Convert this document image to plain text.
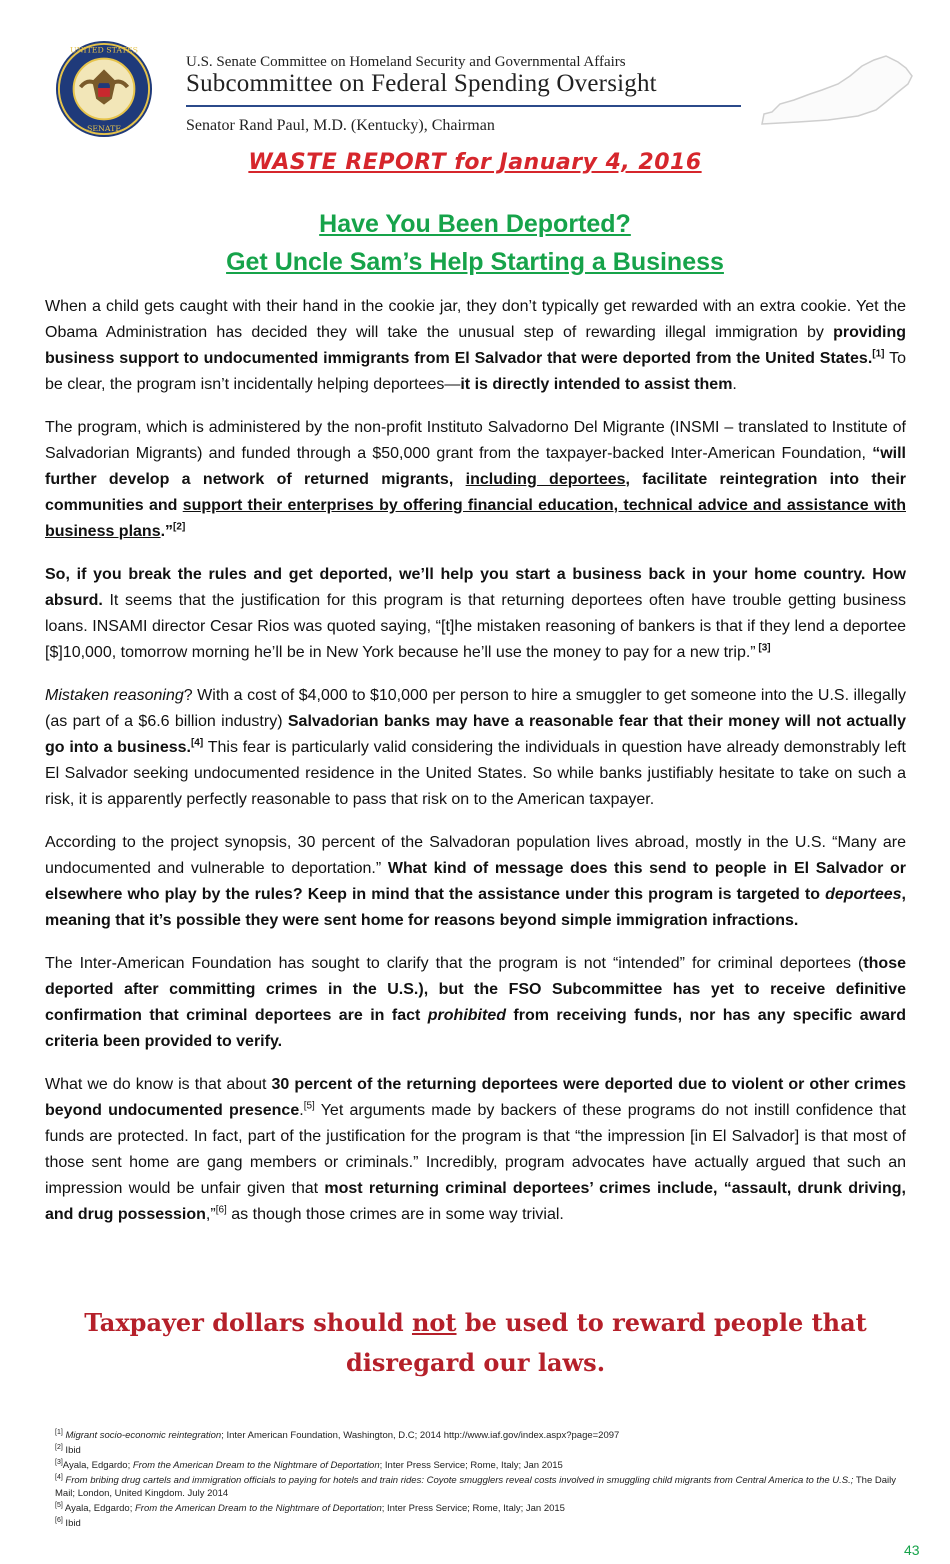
UNITED STATES
SENATE
U.S. Senate Committee on Homeland Security and Governmental Affairs
Subcommittee on Federal Spending Oversight
Senator Rand Paul, M.D. (Kentucky), Chairman
WASTE REPORT for January 4, 2016
Have You Been Deported?
Get Uncle Sam’s Help Starting a Business

When a child gets caught with their hand in the cookie jar, they don’t typically get rewarded with an extra cookie. Yet the Obama Administration has decided they will take the unusual step of rewarding illegal immigration by providing business support to undocumented immigrants from El Salvador that were deported from the United States.[1] To be clear, the program isn’t incidentally helping deportees—it is directly intended to assist them.

The program, which is administered by the non-profit Instituto Salvadorno Del Migrante (INSMI – translated to Institute of Salvadorian Migrants) and funded through a $50,000 grant from the taxpayer-backed Inter-American Foundation, “will further develop a network of returned migrants, including deportees, facilitate reintegration into their communities and support their enterprises by offering financial education, technical advice and assistance with business plans.”[2]

So, if you break the rules and get deported, we’ll help you start a business back in your home country. How absurd. It seems that the justification for this program is that returning deportees often have trouble getting business loans. INSAMI director Cesar Rios was quoted saying, “[t]he mistaken reasoning of bankers is that if they lend a deportee [$]10,000, tomorrow morning he’ll be in New York because he’ll use the money to pay for a new trip.” [3]

Mistaken reasoning? With a cost of $4,000 to $10,000 per person to hire a smuggler to get someone into the U.S. illegally (as part of a $6.6 billion industry) Salvadorian banks may have a reasonable fear that their money will not actually go into a business.[4] This fear is particularly valid considering the individuals in question have already demonstrably left El Salvador seeking undocumented residence in the United States. So while banks justifiably hesitate to take on such a risk, it is apparently perfectly reasonable to pass that risk on to the American taxpayer.

According to the project synopsis, 30 percent of the Salvadoran population lives abroad, mostly in the U.S. “Many are undocumented and vulnerable to deportation.” What kind of message does this send to people in El Salvador or elsewhere who play by the rules? Keep in mind that the assistance under this program is targeted to deportees, meaning that it’s possible they were sent home for reasons beyond simple immigration infractions.

The Inter-American Foundation has sought to clarify that the program is not “intended” for criminal deportees (those deported after committing crimes in the U.S.), but the FSO Subcommittee has yet to receive definitive confirmation that criminal deportees are in fact prohibited from receiving funds, nor has any specific award criteria been provided to verify.

What we do know is that about 30 percent of the returning deportees were deported due to violent or other crimes beyond undocumented presence.[5] Yet arguments made by backers of these programs do not instill confidence that funds are protected. In fact, part of the justification for the program is that “the impression [in El Salvador] is that most of those sent home are gang members or criminals.” Incredibly, program advocates have actually argued that such an impression would be unfair given that most returning criminal deportees’ crimes include, “assault, drunk driving, and drug possession,”[6] as though those crimes are in some way trivial.

Taxpayer dollars should not be used to reward people that disregard our laws.
[1] Migrant socio-economic reintegration; Inter American Foundation, Washington, D.C; 2014 http://www.iaf.gov/index.aspx?page=2097
[2] Ibid
[3]Ayala, Edgardo; From the American Dream to the Nightmare of Deportation; Inter Press Service; Rome, Italy; Jan 2015
[4] From bribing drug cartels and immigration officials to paying for hotels and train rides: Coyote smugglers reveal costs involved in smuggling child migrants from Central America to the U.S.; The Daily Mail; London, United Kingdom. July 2014
[5] Ayala, Edgardo; From the American Dream to the Nightmare of Deportation; Inter Press Service; Rome, Italy; Jan 2015
[6] Ibid
43
